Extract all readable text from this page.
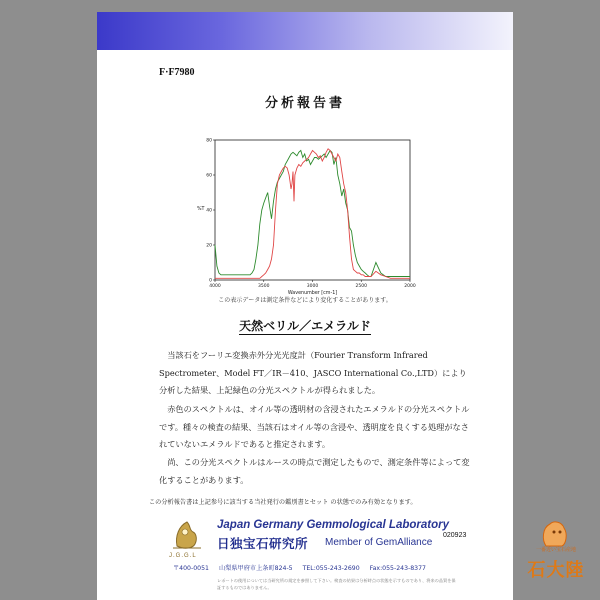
F·F7980
分析報告書
0
20
40
60
80
4000	3500	3000	2500	2000
Wavenumber [cm-1]
%T
この表示データは測定条件などにより変化することがあります。
天然ベリル／エメラルド
当該石をフーリエ変換赤外分光光度計（Fourier Transform Infrared Spectrometer、Model FT／IR－410、JASCO International Co.,LTD）により分析した結果、上記緑色の分光スペクトルが得られました。
赤色のスペクトルは、オイル等の透明材の含浸されたエメラルドの分光スペクトルです。種々の検査の結果、当該石はオイル等の含浸や、透明度を良くする処理がなされていないエメラルドであると推定されます。
尚、この分光スペクトルはルースの時点で測定したもので、測定条件等によって変化することがあります。
この分析報告書は上記参号に該当する当社発行の鑑別書とセット の状態でのみ有効となります。
J.G.G.L
Japan Germany Gemmological Laboratory
日独宝石研究所 Member of GemAlliance
020923
〒400-0051 山梨県甲府市上条町824-5 TEL:055-243-2690 Fax:055-243-8377
レポートの使用については当研究所の規定を参照して下さい。検査の結果は分析時点の状態を示すものであり、将来の品質を保証するものではありません。
一番近い宝石産地
石大陸
